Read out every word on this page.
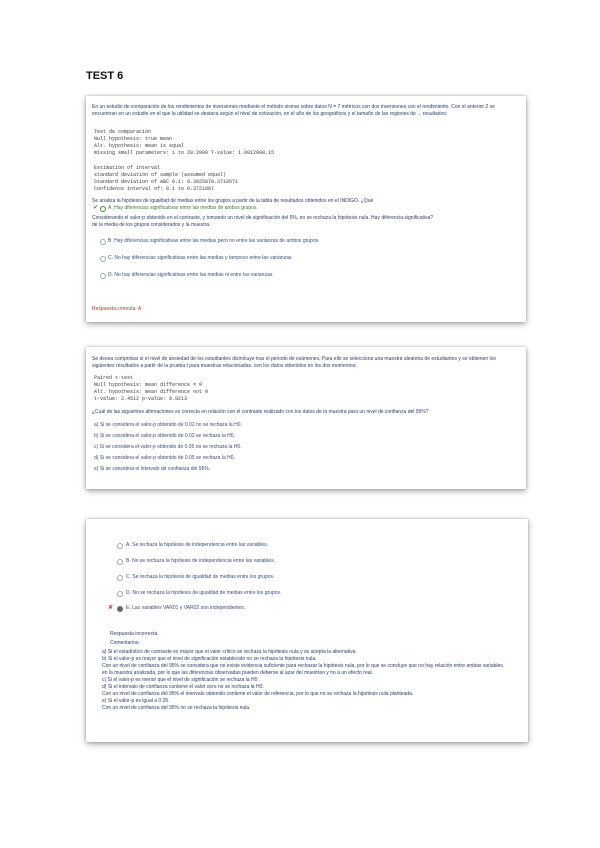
TEST 6
En un estudio de comparación de los rendimientos de inversiones mediante el método sismar sobre datos N = 7 métricos con dos inversiones con el rendimiento. Con el anterior 2 se
encuentran en un estudio en el que la utilidad se destaca según el nivel de cotización, en el año de los geográficos y el tamaño de las regiones de ... resultados:
Test de comparación
Null hypothesis: true mean
Alt. hypothesis: mean is equal
missing small parameters: 1 to 20.2000 T-value: 1.0012990.15
Estimation of interval
standard deviation of sample (assumed equal)
Standard deviation of ABC 0.1: 0.3025870.3710571
Confidence interval of: 0.1 to 0.3721087
Se analiza la hipótesis de igualdad de medias entre los grupos a partir de la tabla de resultados obtenidos en el INDIGO. ¿Qué
✔ A. Hay diferencias significativas entre las medias de ambos grupos.
Considerando el valor-p obtenido en el contraste, y tomando un nivel de significación del 5%, no se rechaza la hipótesis nula. Hay diferencia significativa?
de la media de los grupos considerados y la muestra.
B. Hay diferencias significativas entre las medias pero no entre las varianzas de ambos grupos.
C. No hay diferencias significativas entre las medias y tampoco entre las varianzas.
D. No hay diferencias significativas entre las medias ni entre las varianzas.
Respuesta correcta: A
Se desea comprobar si el nivel de ansiedad de los estudiantes disminuye tras el periodo de exámenes. Para ello se selecciona una muestra aleatoria de estudiantes y se obtienen los
siguientes resultados a partir de la prueba t para muestras relacionadas, con los datos obtenidos en los dos momentos:
Paired t-test
Null hypothesis: mean difference = 0
Alt. hypothesis: mean difference not 0
t-value: 2.4512 p-value: 0.0213
¿Cuál de las siguientes afirmaciones es correcta en relación con el contraste realizado con los datos de la muestra para un nivel de confianza del 95%?
a) Si se considera el valor-p obtenido de 0.02 no se rechaza la H0.
b) Si se considera el valor-p obtenido de 0.02 se rechaza la H0.
c) Si se considera el valor-p obtenido de 0.05 no se rechaza la H0.
d) Si se considera el valor-p obtenido de 0.05 se rechaza la H0.
e) Si se considera el intervalo de confianza del 95%.
A. Se rechaza la hipótesis de independencia entre las variables.
B. No se rechaza la hipótesis de independencia entre las variables.
C. Se rechaza la hipótesis de igualdad de medias entre los grupos.
D. No se rechaza la hipótesis de igualdad de medias entre los grupos.
✘	E. Las variables VAR01 y VAR02 son independientes.
Respuesta incorrecta.
Comentarios:
a) Si el estadístico de contraste es mayor que el valor crítico se rechaza la hipótesis nula y se acepta la alternativa.
b) Si el valor-p es mayor que el nivel de significación establecido no se rechaza la hipótesis nula.
Con un nivel de confianza del 95% se considera que no existe evidencia suficiente para rechazar la hipótesis nula, por lo que se concluye que no hay relación entre ambas variables.
en la muestra analizada, por lo que las diferencias observadas pueden deberse al azar del muestreo y no a un efecto real.
c) Si el valor-p es menor que el nivel de significación se rechaza la H0.
d) Si el intervalo de confianza contiene el valor cero no se rechaza la H0.
Con un nivel de confianza del 95% el intervalo obtenido contiene el valor de referencia, por lo que no se rechaza la hipótesis nula planteada.
e) Si el valor-p es igual a 0.05.
Con un nivel de confianza del 95% no se rechaza la hipótesis nula.
